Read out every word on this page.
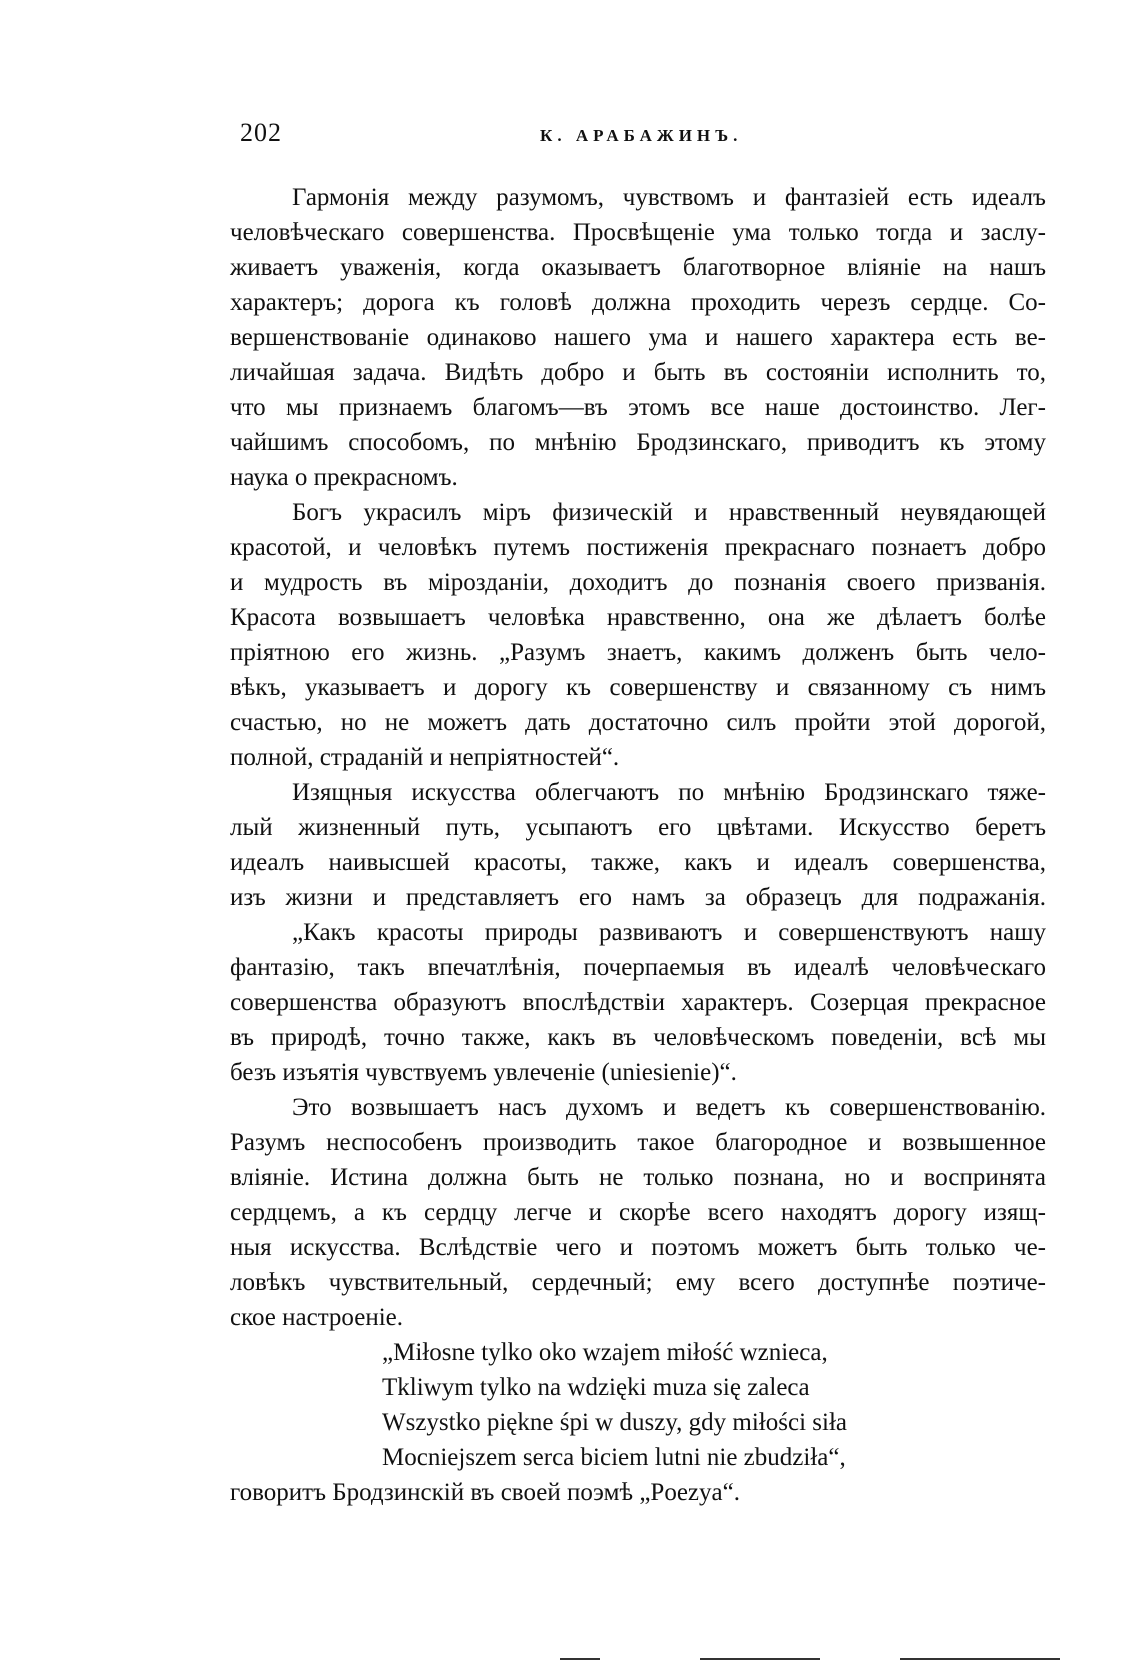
202	К. АРАБАЖИНЪ.
Гармонія между разумомъ, чувствомъ и фантазіей есть идеалъ
человѣческаго совершенства. Просвѣщеніе ума только тогда и заслу-
живаетъ уваженія, когда оказываетъ благотворное вліяніе на нашъ
характеръ; дорога къ головѣ должна проходить черезъ сердце. Со-
вершенствованіе одинаково нашего ума и нашего характера есть ве-
личайшая задача. Видѣть добро и быть въ состояніи исполнить то,
что мы признаемъ благомъ—въ этомъ все наше достоинство. Лег-
чайшимъ способомъ, по мнѣнію Бродзинскаго, приводитъ къ этому
наука о прекрасномъ.
Богъ украсилъ міръ физическій и нравственный неувядающей
красотой, и человѣкъ путемъ постиженія прекраснаго познаетъ добро
и мудрость въ мірозданіи, доходитъ до познанія своего призванія.
Красота возвышаетъ человѣка нравственно, она же дѣлаетъ болѣе
пріятною его жизнь. „Разумъ знаетъ, какимъ долженъ быть чело-
вѣкъ, указываетъ и дорогу къ совершенству и связанному съ нимъ
счастью, но не можетъ дать достаточно силъ пройти этой дорогой,
полной, страданій и непріятностей“.
Изящныя искусства облегчаютъ по мнѣнію Бродзинскаго тяже-
лый жизненный путь, усыпаютъ его цвѣтами. Искусство беретъ
идеалъ наивысшей красоты, также, какъ и идеалъ совершенства,
изъ жизни и представляетъ его намъ за образецъ для подражанія.
„Какъ красоты природы развиваютъ и совершенствуютъ нашу
фантазію, такъ впечатлѣнія, почерпаемыя въ идеалѣ человѣческаго
совершенства образуютъ впослѣдствіи характеръ. Созерцая прекрасное
въ природѣ, точно также, какъ въ человѣческомъ поведеніи, всѣ мы
безъ изъятія чувствуемъ увлеченіе (uniesienie)“.
Это возвышаетъ насъ духомъ и ведетъ къ совершенствованію.
Разумъ неспособенъ производить такое благородное и возвышенное
вліяніе. Истина должна быть не только познана, но и воспринята
сердцемъ, а къ сердцу легче и скорѣе всего находятъ дорогу изящ-
ныя искусства. Вслѣдствіе чего и поэтомъ можетъ быть только че-
ловѣкъ чувствительный, сердечный; ему всего доступнѣе поэтиче-
ское настроеніе.
„Miłosne tylko oko wzajem miłość wznieca,
Tkliwym tylko na wdzięki muza się zaleca
Wszystko piękne śpi w duszy, gdy miłości siła
Mocniejszem serca biciem lutni nie zbudziła“,
говоритъ Бродзинскій въ своей поэмѣ „Poezya“.
